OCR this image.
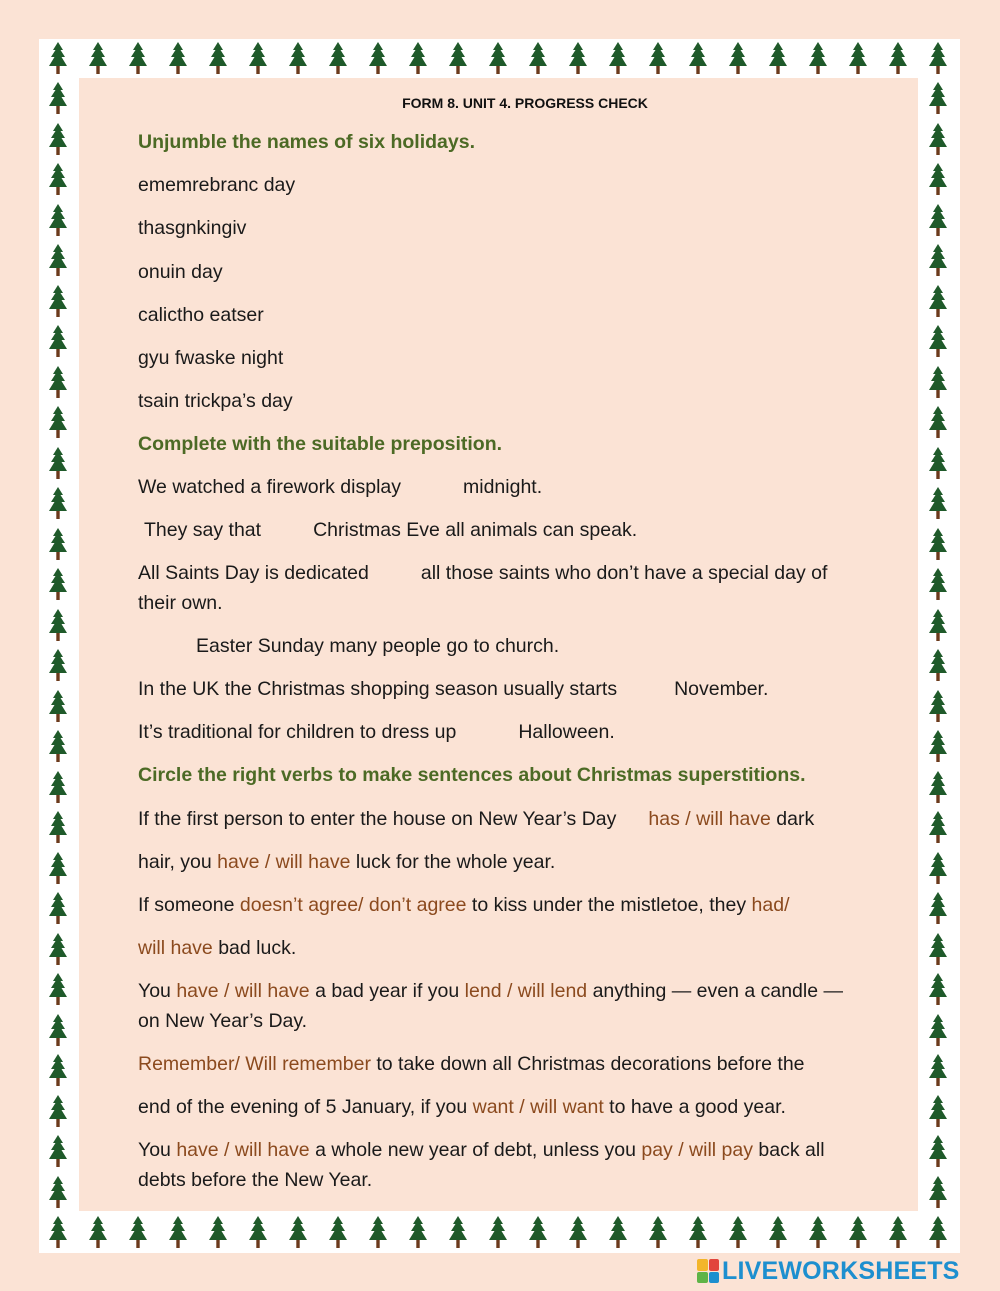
FORM 8. UNIT 4. PROGRESS CHECK

Unjumble the names of six holidays.

ememrebranc day

thasgnkingiv

onuin day

calictho eatser

gyu fwaske night

tsain trickpa’s day

Complete with the suitable preposition.

We watched a firework display	midnight.

They say that	Christmas Eve all animals can speak.

All Saints Day is dedicated	all those saints who don’t have a special day of

their own.

Easter Sunday many people go to church.

In the UK the Christmas shopping season usually starts	November.

It’s traditional for children to dress up	Halloween.

Circle the right verbs to make sentences about Christmas superstitions.

If the first person to enter the house on New Year’s Day has / will have dark

hair, you have / will have luck for the whole year.

If someone doesn’t agree/ don’t agree to kiss under the mistletoe, they had/

will have bad luck.

You have / will have a bad year if you lend / will lend anything — even a candle —

on New Year’s Day.

Remember/ Will remember to take down all Christmas decorations before the

end of the evening of 5 January, if you want / will want to have a good year.

You have / will have a whole new year of debt, unless you pay / will pay back all

debts before the New Year.

LIVEWORKSHEETS
